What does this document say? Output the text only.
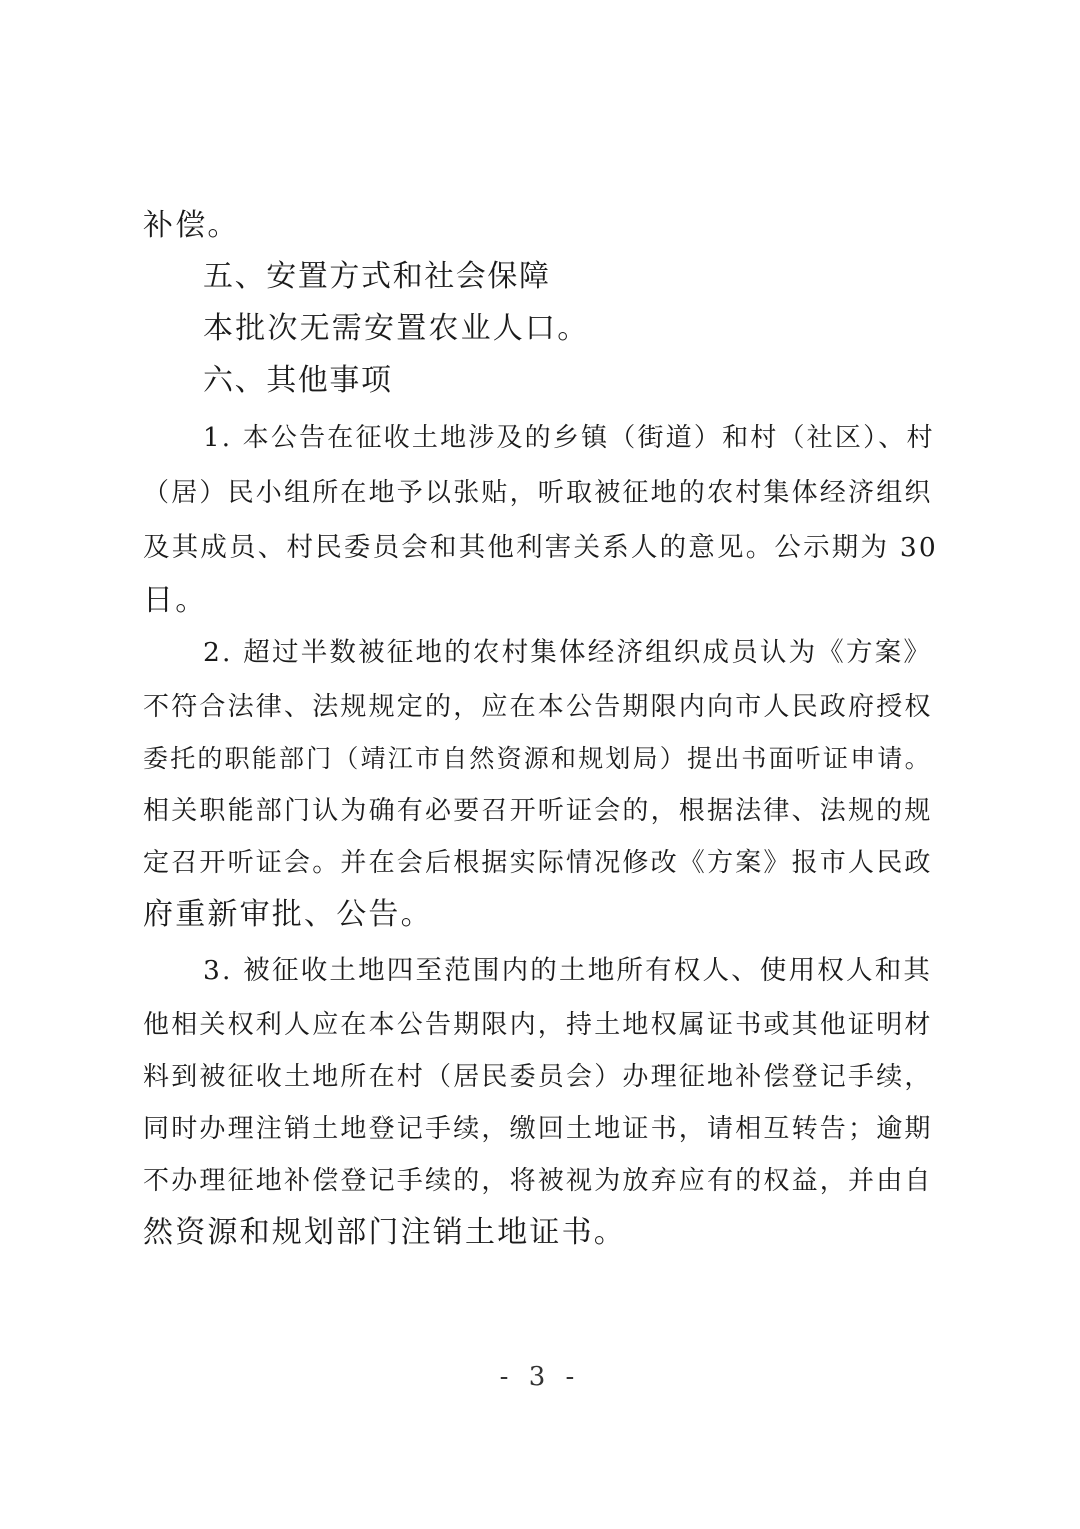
补偿。
五、安置方式和社会保障
本批次无需安置农业人口。
六、其他事项
1. 本公告在征收土地涉及的乡镇（街道）和村（社区）、村
（居）民小组所在地予以张贴，听取被征地的农村集体经济组织
及其成员、村民委员会和其他利害关系人的意见。公示期为 30
日。
2. 超过半数被征地的农村集体经济组织成员认为《方案》
不符合法律、法规规定的，应在本公告期限内向市人民政府授权
委托的职能部门（靖江市自然资源和规划局）提出书面听证申请。
相关职能部门认为确有必要召开听证会的，根据法律、法规的规
定召开听证会。并在会后根据实际情况修改《方案》报市人民政
府重新审批、公告。
3. 被征收土地四至范围内的土地所有权人、使用权人和其
他相关权利人应在本公告期限内，持土地权属证书或其他证明材
料到被征收土地所在村（居民委员会）办理征地补偿登记手续，
同时办理注销土地登记手续，缴回土地证书，请相互转告；逾期
不办理征地补偿登记手续的，将被视为放弃应有的权益，并由自
然资源和规划部门注销土地证书。
- 3 -
